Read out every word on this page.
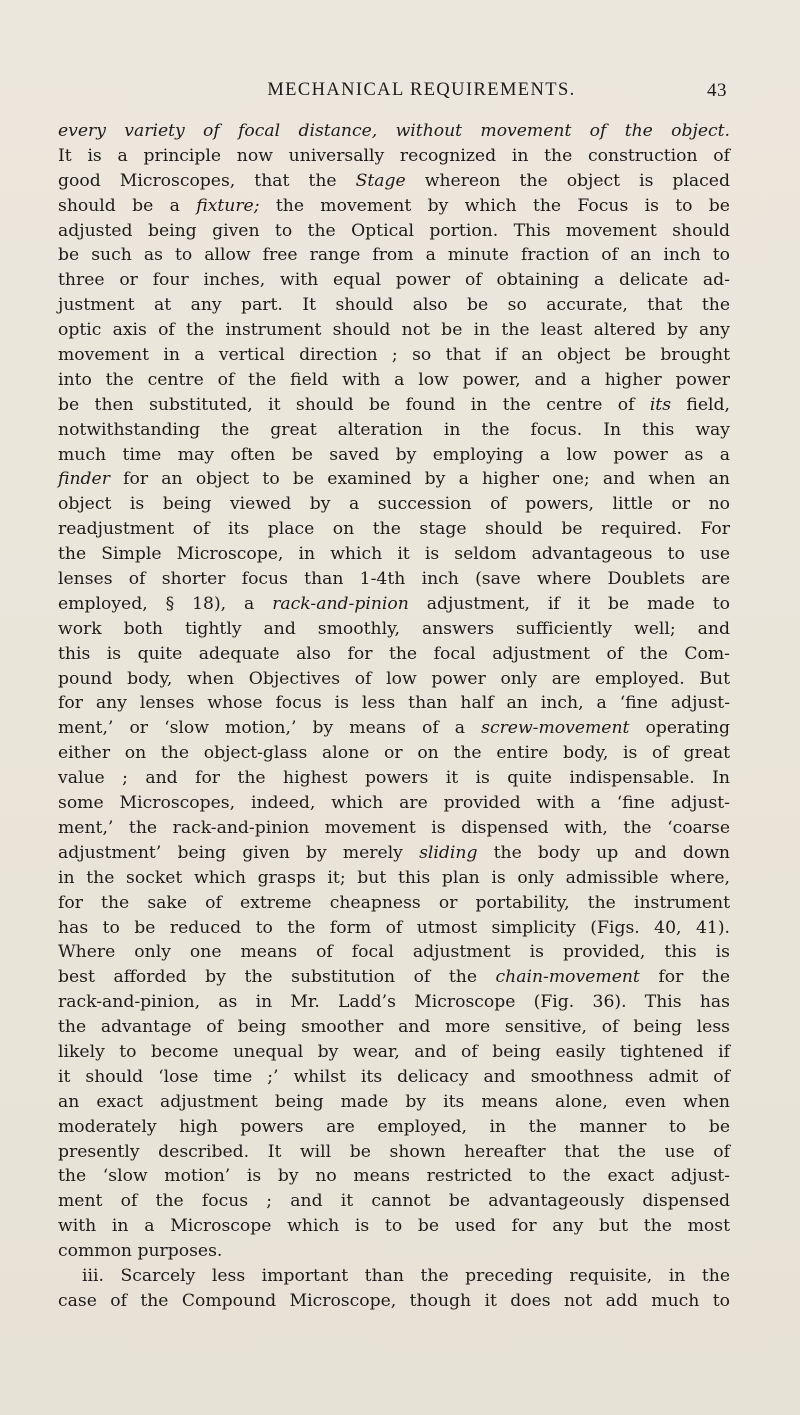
MECHANICAL REQUIREMENTS.	43
every variety of focal distance, without movement of the object.
It is a principle now universally recognized in the construction of
good Microscopes, that the Stage whereon the object is placed
should be a fixture; the movement by which the Focus is to be
adjusted being given to the Optical portion. This movement should
be such as to allow free range from a minute fraction of an inch to
three or four inches, with equal power of obtaining a delicate ad-
justment at any part. It should also be so accurate, that the
optic axis of the instrument should not be in the least altered by any
movement in a vertical direction ; so that if an object be brought
into the centre of the field with a low power, and a higher power
be then substituted, it should be found in the centre of its field,
notwithstanding the great alteration in the focus. In this way
much time may often be saved by employing a low power as a
finder for an object to be examined by a higher one; and when an
object is being viewed by a succession of powers, little or no
readjustment of its place on the stage should be required. For
the Simple Microscope, in which it is seldom advantageous to use
lenses of shorter focus than 1-4th inch (save where Doublets are
employed, § 18), a rack-and-pinion adjustment, if it be made to
work both tightly and smoothly, answers sufficiently well; and
this is quite adequate also for the focal adjustment of the Com-
pound body, when Objectives of low power only are employed. But
for any lenses whose focus is less than half an inch, a ‘fine adjust-
ment,’ or ‘slow motion,’ by means of a screw-movement operating
either on the object-glass alone or on the entire body, is of great
value ; and for the highest powers it is quite indispensable. In
some Microscopes, indeed, which are provided with a ‘fine adjust-
ment,’ the rack-and-pinion movement is dispensed with, the ‘coarse
adjustment’ being given by merely sliding the body up and down
in the socket which grasps it; but this plan is only admissible where,
for the sake of extreme cheapness or portability, the instrument
has to be reduced to the form of utmost simplicity (Figs. 40, 41).
Where only one means of focal adjustment is provided, this is
best afforded by the substitution of the chain-movement for the
rack-and-pinion, as in Mr. Ladd’s Microscope (Fig. 36). This has
the advantage of being smoother and more sensitive, of being less
likely to become unequal by wear, and of being easily tightened if
it should ‘lose time ;’ whilst its delicacy and smoothness admit of
an exact adjustment being made by its means alone, even when
moderately high powers are employed, in the manner to be
presently described. It will be shown hereafter that the use of
the ‘slow motion’ is by no means restricted to the exact adjust-
ment of the focus ; and it cannot be advantageously dispensed
with in a Microscope which is to be used for any but the most
common purposes.
iii. Scarcely less important than the preceding requisite, in the
case of the Compound Microscope, though it does not add much to
